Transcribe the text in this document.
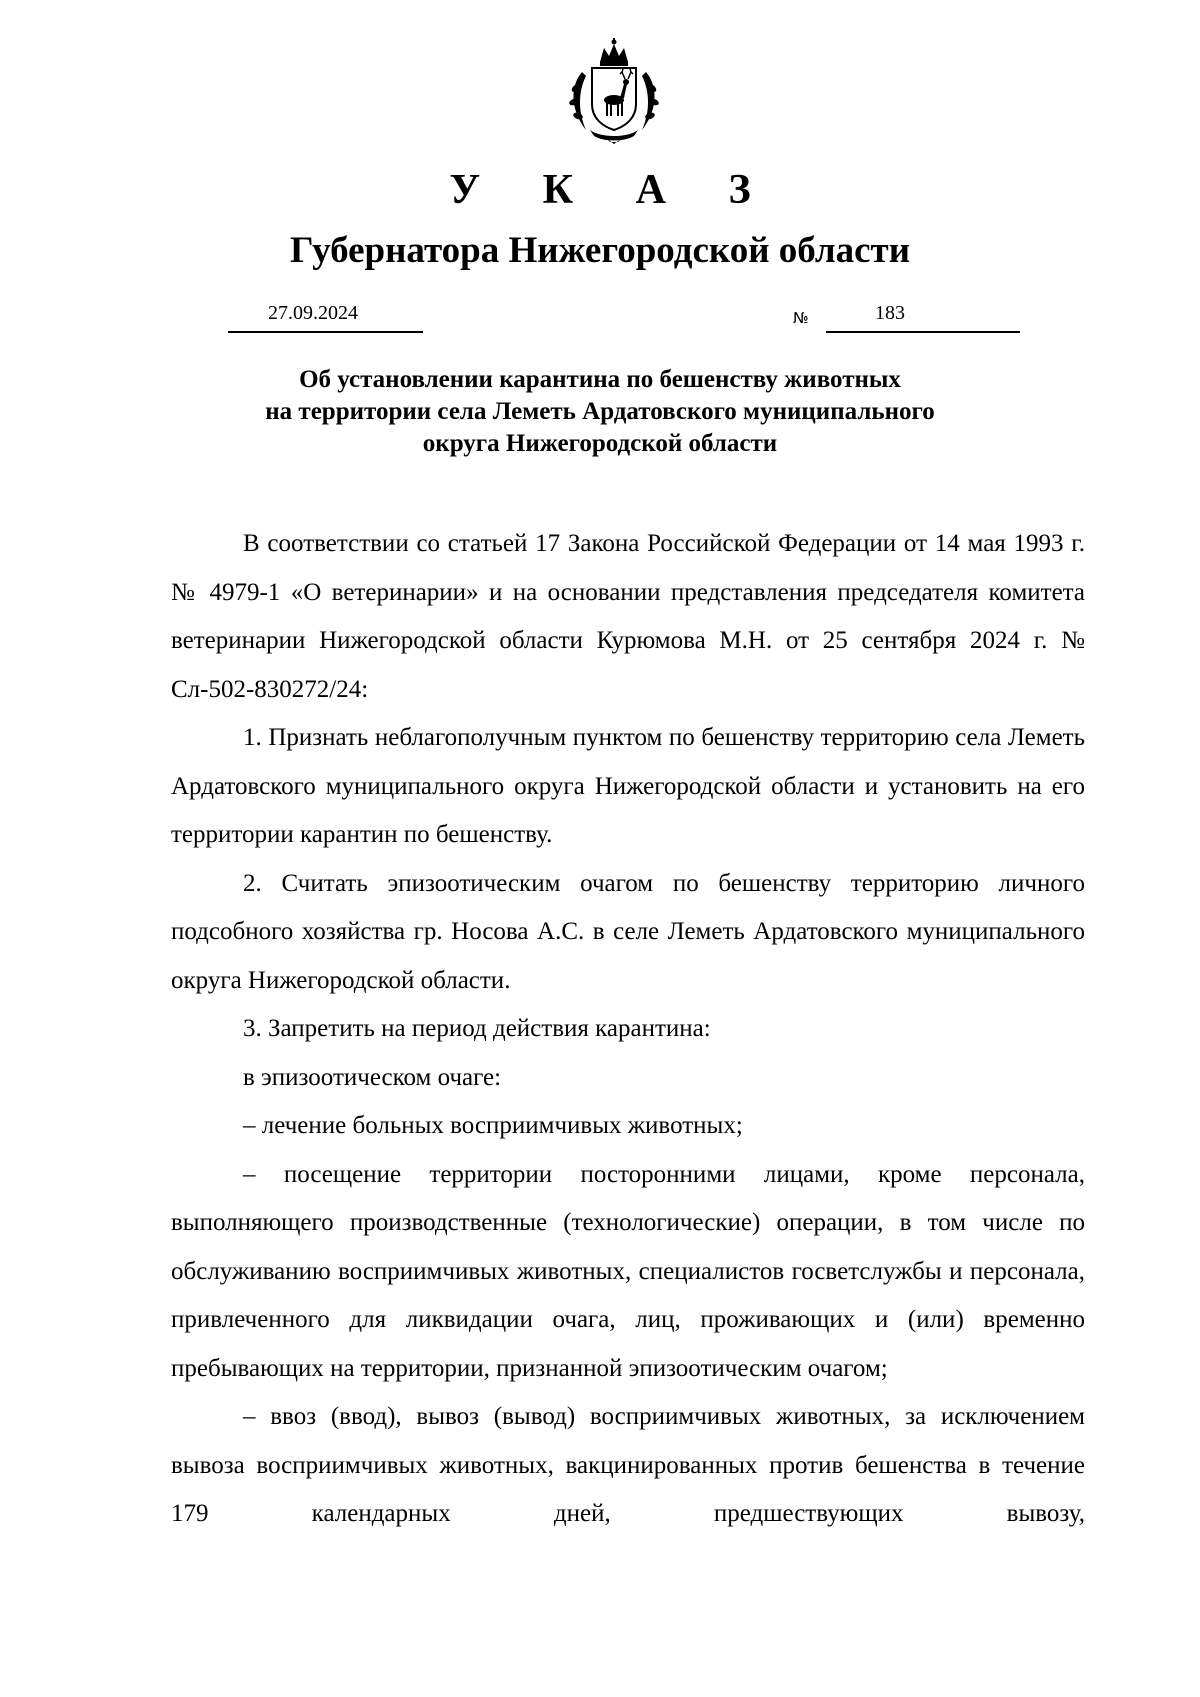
У К А З
Губернатора Нижегородской области
27.09.2024	№	183
Об установлении карантина по бешенству животных
на территории села Леметь Ардатовского муниципального
округа Нижегородской области

В соответствии со статьей 17 Закона Российской Федерации от 14 мая 1993 г. № 4979-1 «О ветеринарии» и на основании представления председателя комитета ветеринарии Нижегородской области Курюмова М.Н. от 25 сентября 2024 г. № Сл-502-830272/24:

1. Признать неблагополучным пунктом по бешенству территорию села Леметь Ардатовского муниципального округа Нижегородской области и установить на его территории карантин по бешенству.

2. Считать эпизоотическим очагом по бешенству территорию личного подсобного хозяйства гр. Носова А.С. в селе Леметь Ардатовского муниципального округа Нижегородской области.

3. Запретить на период действия карантина:

в эпизоотическом очаге:

– лечение больных восприимчивых животных;

– посещение территории посторонними лицами, кроме персонала, выполняющего производственные (технологические) операции, в том числе по обслуживанию восприимчивых животных, специалистов госветслужбы и персонала, привлеченного для ликвидации очага, лиц, проживающих и (или) временно пребывающих на территории, признанной эпизоотическим очагом;

– ввоз (ввод), вывоз (вывод) восприимчивых животных, за исключением вывоза восприимчивых животных, вакцинированных против бешенства в течение 179 календарных дней, предшествующих вывозу,
